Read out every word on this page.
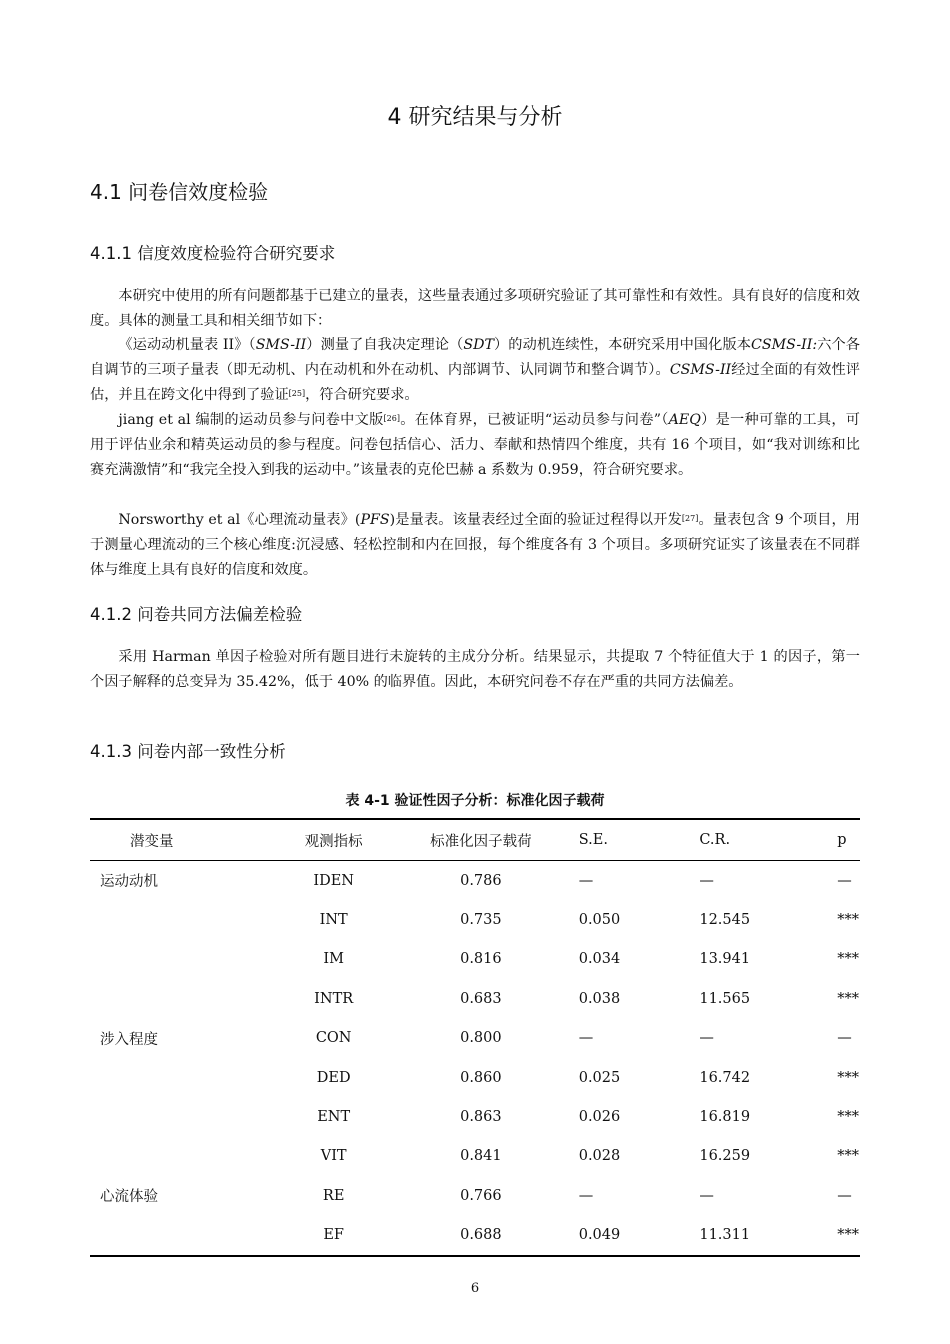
4 研究结果与分析
4.1 问卷信效度检验
4.1.1 信度效度检验符合研究要求

本研究中使用的所有问题都基于已建立的量表，这些量表通过多项研究验证了其可靠性和有效性。具有良好的信度和效度。具体的测量工具和相关细节如下：

《运动动机量表 II》（SMS-II）测量了自我决定理论（SDT）的动机连续性，本研究采用中国化版本CSMS-II:六个各自调节的三项子量表（即无动机、内在动机和外在动机、内部调节、认同调节和整合调节）。CSMS-II经过全面的有效性评估，并且在跨文化中得到了验证[25]，符合研究要求。

jiang et al 编制的运动员参与问卷中文版[26]。在体育界，已被证明“运动员参与问卷”（AEQ）是一种可靠的工具，可用于评估业余和精英运动员的参与程度。问卷包括信心、活力、奉献和热情四个维度，共有 16 个项目，如“我对训练和比赛充满激情”和“我完全投入到我的运动中。”该量表的克伦巴赫 a 系数为 0.959，符合研究要求。

Norsworthy et al《心理流动量表》(PFS)是量表。该量表经过全面的验证过程得以开发[27]。量表包含 9 个项目，用于测量心理流动的三个核心维度:沉浸感、轻松控制和内在回报，每个维度各有 3 个项目。多项研究证实了该量表在不同群体与维度上具有良好的信度和效度。

4.1.2 问卷共同方法偏差检验

采用 Harman 单因子检验对所有题目进行未旋转的主成分分析。结果显示，共提取 7 个特征值大于 1 的因子，第一个因子解释的总变异为 35.42%，低于 40% 的临界值。因此，本研究问卷不存在严重的共同方法偏差。

4.1.3 问卷内部一致性分析
表 4-1 验证性因子分析：标准化因子载荷
潜变量	观测指标	标准化因子载荷	S.E.	C.R.	p
运动动机	IDEN	0.786	—	—	—
	INT	0.735	0.050	12.545	***
	IM	0.816	0.034	13.941	***
	INTR	0.683	0.038	11.565	***
涉入程度	CON	0.800	—	—	—
	DED	0.860	0.025	16.742	***
	ENT	0.863	0.026	16.819	***
	VIT	0.841	0.028	16.259	***
心流体验	RE	0.766	—	—	—
	EF	0.688	0.049	11.311	***
6
